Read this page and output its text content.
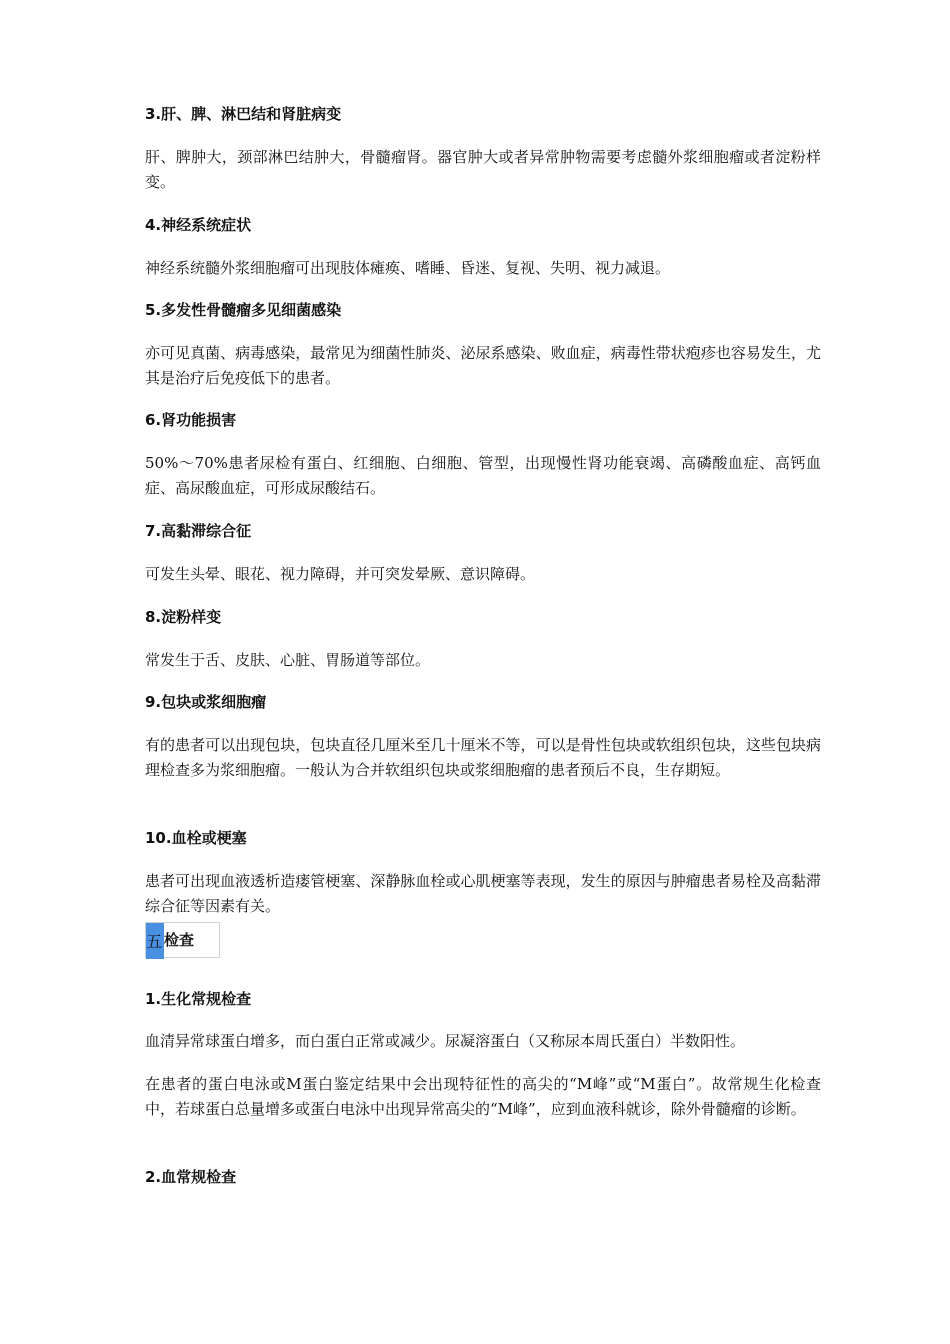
3.肝、脾、淋巴结和肾脏病变

肝、脾肿大，颈部淋巴结肿大，骨髓瘤肾。器官肿大或者异常肿物需要考虑髓外浆细胞瘤或者淀粉样变。

4.神经系统症状

神经系统髓外浆细胞瘤可出现肢体瘫痪、嗜睡、昏迷、复视、失明、视力减退。

5.多发性骨髓瘤多见细菌感染

亦可见真菌、病毒感染，最常见为细菌性肺炎、泌尿系感染、败血症，病毒性带状疱疹也容易发生，尤其是治疗后免疫低下的患者。

6.肾功能损害

50%～70%患者尿检有蛋白、红细胞、白细胞、管型，出现慢性肾功能衰竭、高磷酸血症、高钙血症、高尿酸血症，可形成尿酸结石。

7.高黏滞综合征

可发生头晕、眼花、视力障碍，并可突发晕厥、意识障碍。

8.淀粉样变

常发生于舌、皮肤、心脏、胃肠道等部位。

9.包块或浆细胞瘤

有的患者可以出现包块，包块直径几厘米至几十厘米不等，可以是骨性包块或软组织包块，这些包块病理检查多为浆细胞瘤。一般认为合并软组织包块或浆细胞瘤的患者预后不良，生存期短。

10.血栓或梗塞

患者可出现血液透析造瘘管梗塞、深静脉血栓或心肌梗塞等表现，发生的原因与肿瘤患者易栓及高黏滞综合征等因素有关。

五 检查
1.生化常规检查

血清异常球蛋白增多，而白蛋白正常或减少。尿凝溶蛋白（又称尿本周氏蛋白）半数阳性。

在患者的蛋白电泳或M蛋白鉴定结果中会出现特征性的高尖的“M峰”或“M蛋白”。故常规生化检查中，若球蛋白总量增多或蛋白电泳中出现异常高尖的“M峰”，应到血液科就诊，除外骨髓瘤的诊断。

2.血常规检查
